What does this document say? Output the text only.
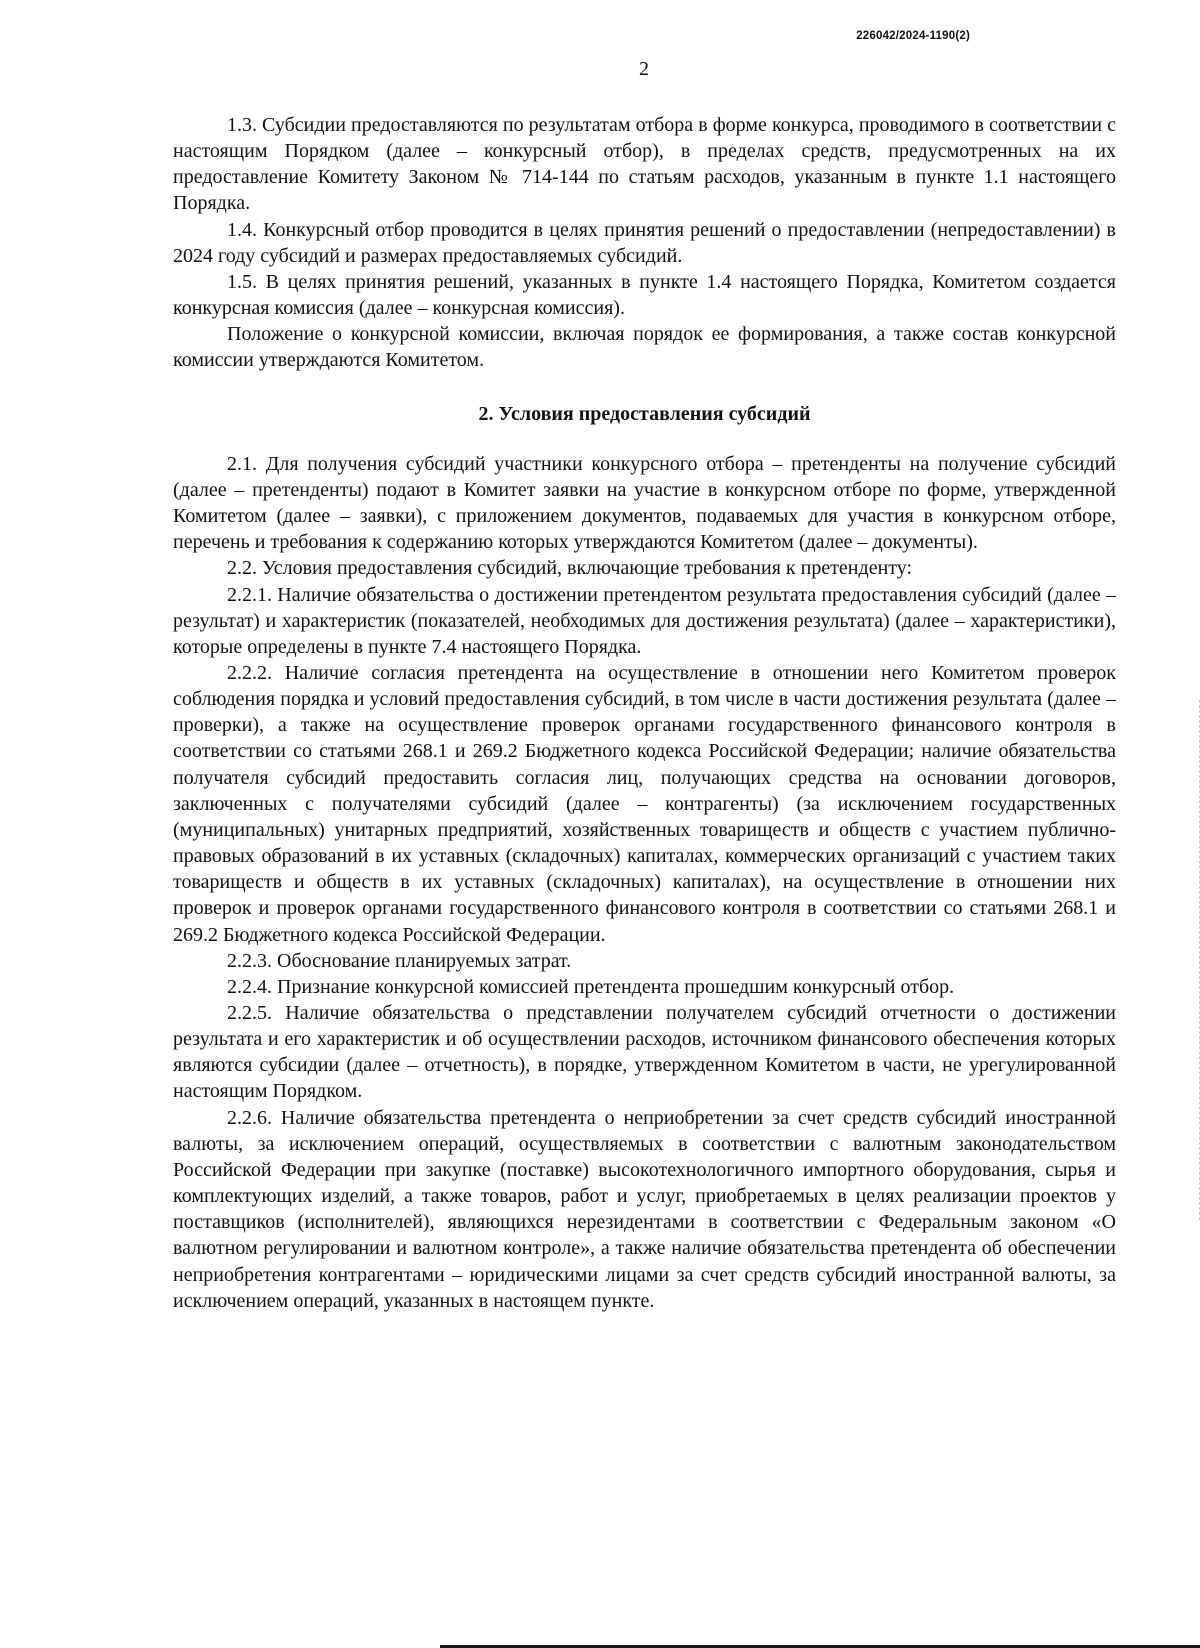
226042/2024-1190(2)
2

1.3. Субсидии предоставляются по результатам отбора в форме конкурса, проводимого в соответствии с настоящим Порядком (далее – конкурсный отбор), в пределах средств, предусмотренных на их предоставление Комитету Законом № 714-144 по статьям расходов, указанным в пункте 1.1 настоящего Порядка.

1.4. Конкурсный отбор проводится в целях принятия решений о предоставлении (непредоставлении) в 2024 году субсидий и размерах предоставляемых субсидий.

1.5. В целях принятия решений, указанных в пункте 1.4 настоящего Порядка, Комитетом создается конкурсная комиссия (далее – конкурсная комиссия).

Положение о конкурсной комиссии, включая порядок ее формирования, а также состав конкурсной комиссии утверждаются Комитетом.

2. Условия предоставления субсидий

2.1. Для получения субсидий участники конкурсного отбора – претенденты на получение субсидий (далее – претенденты) подают в Комитет заявки на участие в конкурсном отборе по форме, утвержденной Комитетом (далее – заявки), с приложением документов, подаваемых для участия в конкурсном отборе, перечень и требования к содержанию которых утверждаются Комитетом (далее – документы).

2.2. Условия предоставления субсидий, включающие требования к претенденту:

2.2.1. Наличие обязательства о достижении претендентом результата предоставления субсидий (далее – результат) и характеристик (показателей, необходимых для достижения результата) (далее – характеристики), которые определены в пункте 7.4 настоящего Порядка.

2.2.2. Наличие согласия претендента на осуществление в отношении него Комитетом проверок соблюдения порядка и условий предоставления субсидий, в том числе в части достижения результата (далее – проверки), а также на осуществление проверок органами государственного финансового контроля в соответствии со статьями 268.1 и 269.2 Бюджетного кодекса Российской Федерации; наличие обязательства получателя субсидий предоставить согласия лиц, получающих средства на основании договоров, заключенных с получателями субсидий (далее – контрагенты) (за исключением государственных (муниципальных) унитарных предприятий, хозяйственных товариществ и обществ с участием публично-правовых образований в их уставных (складочных) капиталах, коммерческих организаций с участием таких товариществ и обществ в их уставных (складочных) капиталах), на осуществление в отношении них проверок и проверок органами государственного финансового контроля в соответствии со статьями 268.1 и 269.2 Бюджетного кодекса Российской Федерации.

2.2.3. Обоснование планируемых затрат.

2.2.4. Признание конкурсной комиссией претендента прошедшим конкурсный отбор.

2.2.5. Наличие обязательства о представлении получателем субсидий отчетности о достижении результата и его характеристик и об осуществлении расходов, источником финансового обеспечения которых являются субсидии (далее – отчетность), в порядке, утвержденном Комитетом в части, не урегулированной настоящим Порядком.

2.2.6. Наличие обязательства претендента о неприобретении за счет средств субсидий иностранной валюты, за исключением операций, осуществляемых в соответствии с валютным законодательством Российской Федерации при закупке (поставке) высокотехнологичного импортного оборудования, сырья и комплектующих изделий, а также товаров, работ и услуг, приобретаемых в целях реализации проектов у поставщиков (исполнителей), являющихся нерезидентами в соответствии с Федеральным законом «О валютном регулировании и валютном контроле», а также наличие обязательства претендента об обеспечении неприобретения контрагентами – юридическими лицами за счет средств субсидий иностранной валюты, за исключением операций, указанных в настоящем пункте.
